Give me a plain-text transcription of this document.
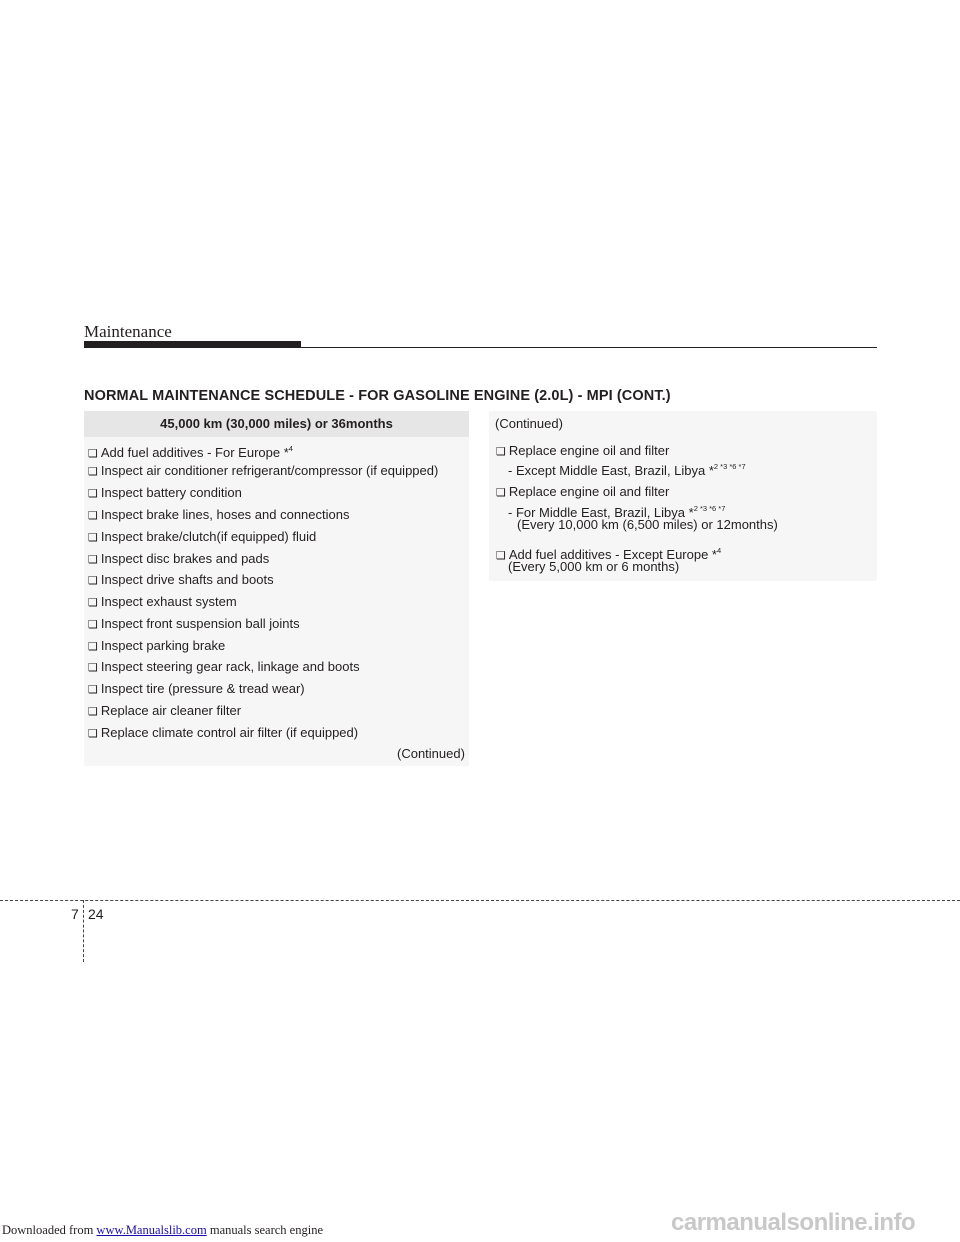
Maintenance
NORMAL MAINTENANCE SCHEDULE - FOR GASOLINE ENGINE (2.0L) - MPI (CONT.)
45,000 km (30,000 miles) or 36months
❑ Add fuel additives - For Europe *$^4$
❑ Inspect air conditioner refrigerant/compressor (if equipped)
❑ Inspect battery condition
❑ Inspect brake lines, hoses and connections
❑ Inspect brake/clutch(if equipped) fluid
❑ Inspect disc brakes and pads
❑ Inspect drive shafts and boots
❑ Inspect exhaust system
❑ Inspect front suspension ball joints
❑ Inspect parking brake
❑ Inspect steering gear rack, linkage and boots
❑ Inspect tire (pressure & tread wear)
❑ Replace air cleaner filter
❑ Replace climate control air filter (if equipped)
(Continued)
(Continued)
❑ Replace engine oil and filter
- Except Middle East, Brazil, Libya *$^{2 *3 *6 *7}$
❑ Replace engine oil and filter
- For Middle East, Brazil, Libya *$^{2 *3 *6 *7}$
(Every 10,000 km (6,500 miles) or 12months)
❑ Add fuel additives - Except Europe *$^4$
(Every 5,000 km or 6 months)
7 24
Downloaded from www.Manualslib.com manuals search engine	carmanualsonline.info
